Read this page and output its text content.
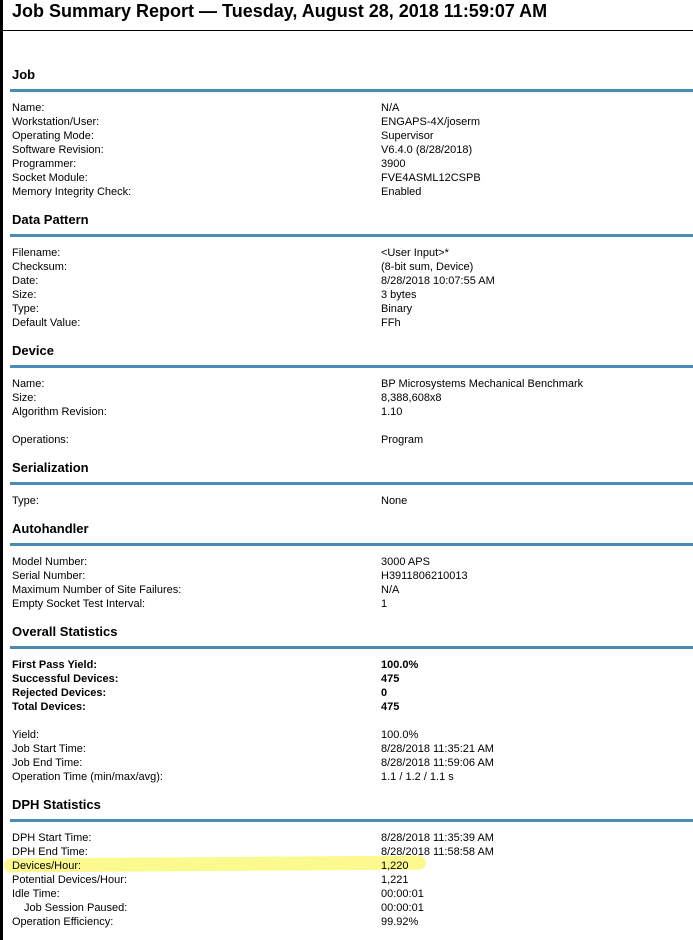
Job Summary Report — Tuesday, August 28, 2018 11:59:07 AM
Job
Name:	N/A
Workstation/User:	ENGAPS-4X/joserm
Operating Mode:	Supervisor
Software Revision:	V6.4.0 (8/28/2018)
Programmer:	3900
Socket Module:	FVE4ASML12CSPB
Memory Integrity Check:	Enabled
Data Pattern
Filename:	<User Input>*
Checksum:	(8-bit sum, Device)
Date:	8/28/2018 10:07:55 AM
Size:	3 bytes
Type:	Binary
Default Value:	FFh
Device
Name:	BP Microsystems Mechanical Benchmark
Size:	8,388,608x8
Algorithm Revision:	1.10
Operations:	Program
Serialization
Type:	None
Autohandler
Model Number:	3000 APS
Serial Number:	H3911806210013
Maximum Number of Site Failures:	N/A
Empty Socket Test Interval:	1
Overall Statistics
First Pass Yield:	100.0%
Successful Devices:	475
Rejected Devices:	0
Total Devices:	475
Yield:	100.0%
Job Start Time:	8/28/2018 11:35:21 AM
Job End Time:	8/28/2018 11:59:06 AM
Operation Time (min/max/avg):	1.1 / 1.2 / 1.1 s
DPH Statistics
DPH Start Time:	8/28/2018 11:35:39 AM
DPH End Time:	8/28/2018 11:58:58 AM
Devices/Hour:	1,220
Potential Devices/Hour:	1,221
Idle Time:	00:00:01
Job Session Paused:	00:00:01
Operation Efficiency:	99.92%
